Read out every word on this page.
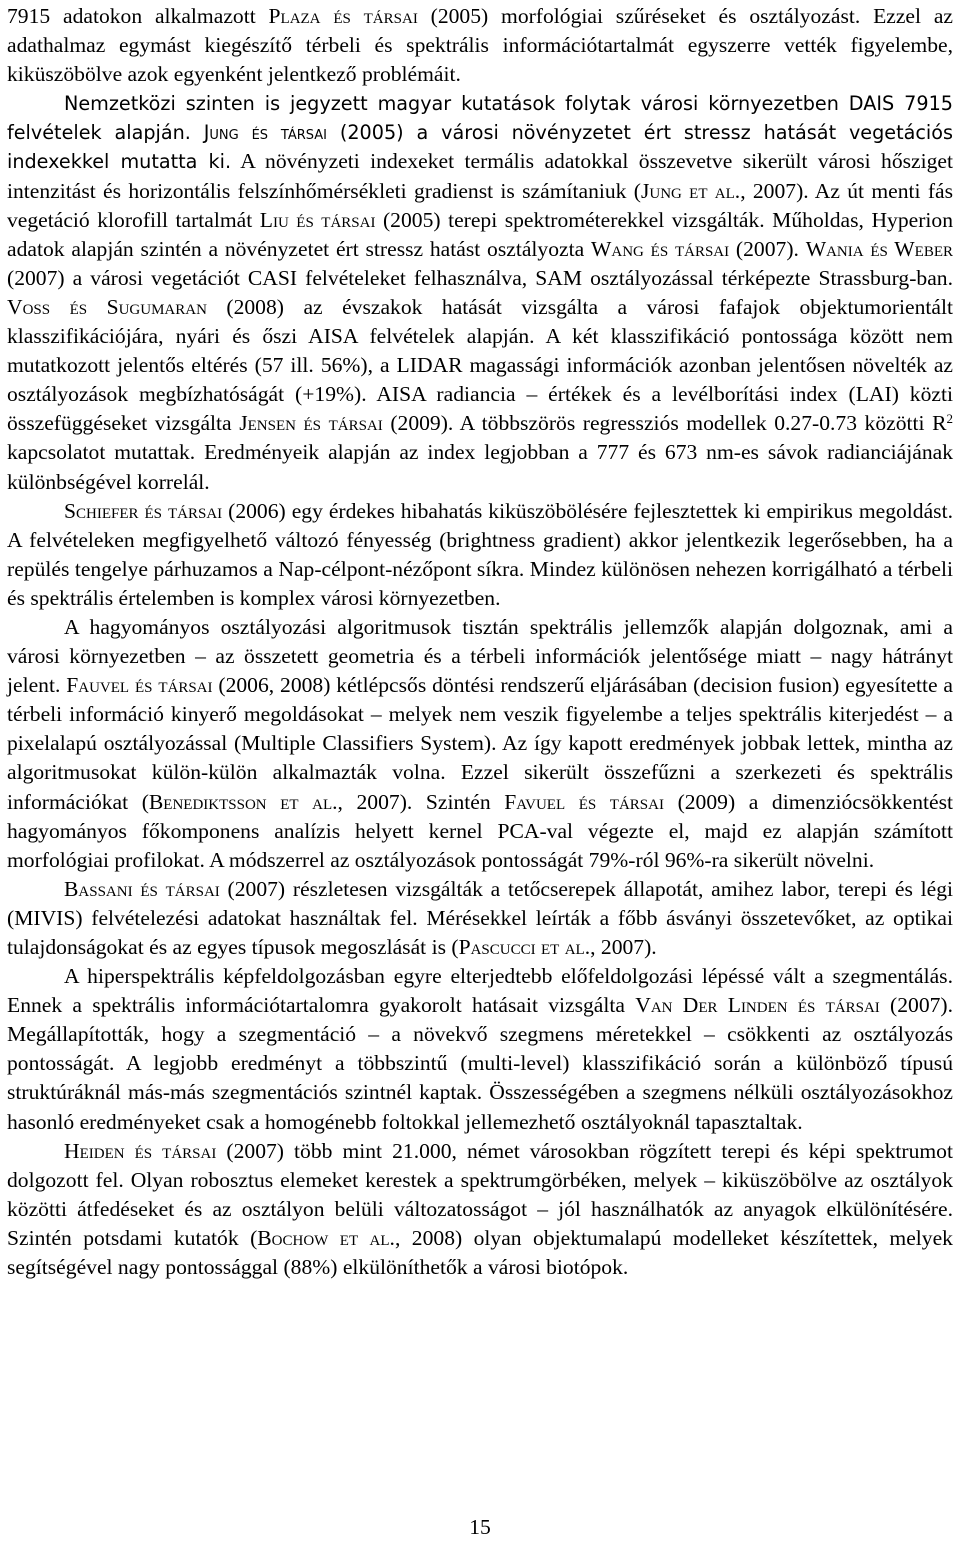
7915 adatokon alkalmazott Plaza és társai (2005) morfológiai szűréseket és osztályozást. Ezzel az adathalmaz egymást kiegészítő térbeli és spektrális információtartalmát egyszerre vették figyelembe, kiküszöbölve azok egyenként jelentkező problémáit.

Nemzetközi szinten is jegyzett magyar kutatások folytak városi környezetben DAIS 7915 felvételek alapján. Jung és társai (2005) a városi növényzetet ért stressz hatását vegetációs indexekkel mutatta ki. A növényzeti indexeket termális adatokkal összevetve sikerült városi hősziget intenzitást és horizontális felszínhőmérsékleti gradienst is számítaniuk (Jung et al., 2007). Az út menti fás vegetáció klorofill tartalmát Liu és társai (2005) terepi spektrométerekkel vizsgálták. Műholdas, Hyperion adatok alapján szintén a növényzetet ért stressz hatást osztályozta Wang és társai (2007). Wania és Weber (2007) a városi vegetációt CASI felvételeket felhasználva, SAM osztályozással térképezte Strassburg-ban. Voss és Sugumaran (2008) az évszakok hatását vizsgálta a városi fafajok objektumorientált klasszifikációjára, nyári és őszi AISA felvételek alapján. A két klasszifikáció pontossága között nem mutatkozott jelentős eltérés (57 ill. 56%), a LIDAR magassági információk azonban jelentősen növelték az osztályozások megbízhatóságát (+19%). AISA radiancia – értékek és a levélborítási index (LAI) közti összefüggéseket vizsgálta Jensen és társai (2009). A többszörös regressziós modellek 0.27-0.73 közötti $R^2$ kapcsolatot mutattak. Eredményeik alapján az index legjobban a 777 és 673 nm-es sávok radianciájának különbségével korrelál.

Schiefer és társai (2006) egy érdekes hibahatás kiküszöbölésére fejlesztettek ki empirikus megoldást. A felvételeken megfigyelhető változó fényesség (brightness gradient) akkor jelentkezik legerősebben, ha a repülés tengelye párhuzamos a Nap-célpont-nézőpont síkra. Mindez különösen nehezen korrigálható a térbeli és spektrális értelemben is komplex városi környezetben.

A hagyományos osztályozási algoritmusok tisztán spektrális jellemzők alapján dolgoznak, ami a városi környezetben – az összetett geometria és a térbeli információk jelentősége miatt – nagy hátrányt jelent. Fauvel és társai (2006, 2008) kétlépcsős döntési rendszerű eljárásában (decision fusion) egyesítette a térbeli információ kinyerő megoldásokat – melyek nem veszik figyelembe a teljes spektrális kiterjedést – a pixelalapú osztályozással (Multiple Classifiers System). Az így kapott eredmények jobbak lettek, mintha az algoritmusokat külön-külön alkalmazták volna. Ezzel sikerült összefűzni a szerkezeti és spektrális információkat (Benediktsson et al., 2007). Szintén Favuel és társai (2009) a dimenziócsökkentést hagyományos főkomponens analízis helyett kernel PCA-val végezte el, majd ez alapján számított morfológiai profilokat. A módszerrel az osztályozások pontosságát 79%-ról 96%-ra sikerült növelni.

Bassani és társai (2007) részletesen vizsgálták a tetőcserepek állapotát, amihez labor, terepi és légi (MIVIS) felvételezési adatokat használtak fel. Mérésekkel leírták a főbb ásványi összetevőket, az optikai tulajdonságokat és az egyes típusok megoszlását is (Pascucci et al., 2007).

A hiperspektrális képfeldolgozásban egyre elterjedtebb előfeldolgozási lépéssé vált a szegmentálás. Ennek a spektrális információtartalomra gyakorolt hatásait vizsgálta Van Der Linden és társai (2007). Megállapították, hogy a szegmentáció – a növekvő szegmens méretekkel – csökkenti az osztályozás pontosságát. A legjobb eredményt a többszintű (multi-level) klasszifikáció során a különböző típusú struktúráknál más-más szegmentációs szintnél kaptak. Összességében a szegmens nélküli osztályozásokhoz hasonló eredményeket csak a homogénebb foltokkal jellemezhető osztályoknál tapasztaltak.

Heiden és társai (2007) több mint 21.000, német városokban rögzített terepi és képi spektrumot dolgozott fel. Olyan robosztus elemeket kerestek a spektrumgörbéken, melyek – kiküszöbölve az osztályok közötti átfedéseket és az osztályon belüli változatosságot – jól használhatók az anyagok elkülönítésére. Szintén potsdami kutatók (Bochow et al., 2008) olyan objektumalapú modelleket készítettek, melyek segítségével nagy pontossággal (88%) elkülöníthetők a városi biotópok.

15
